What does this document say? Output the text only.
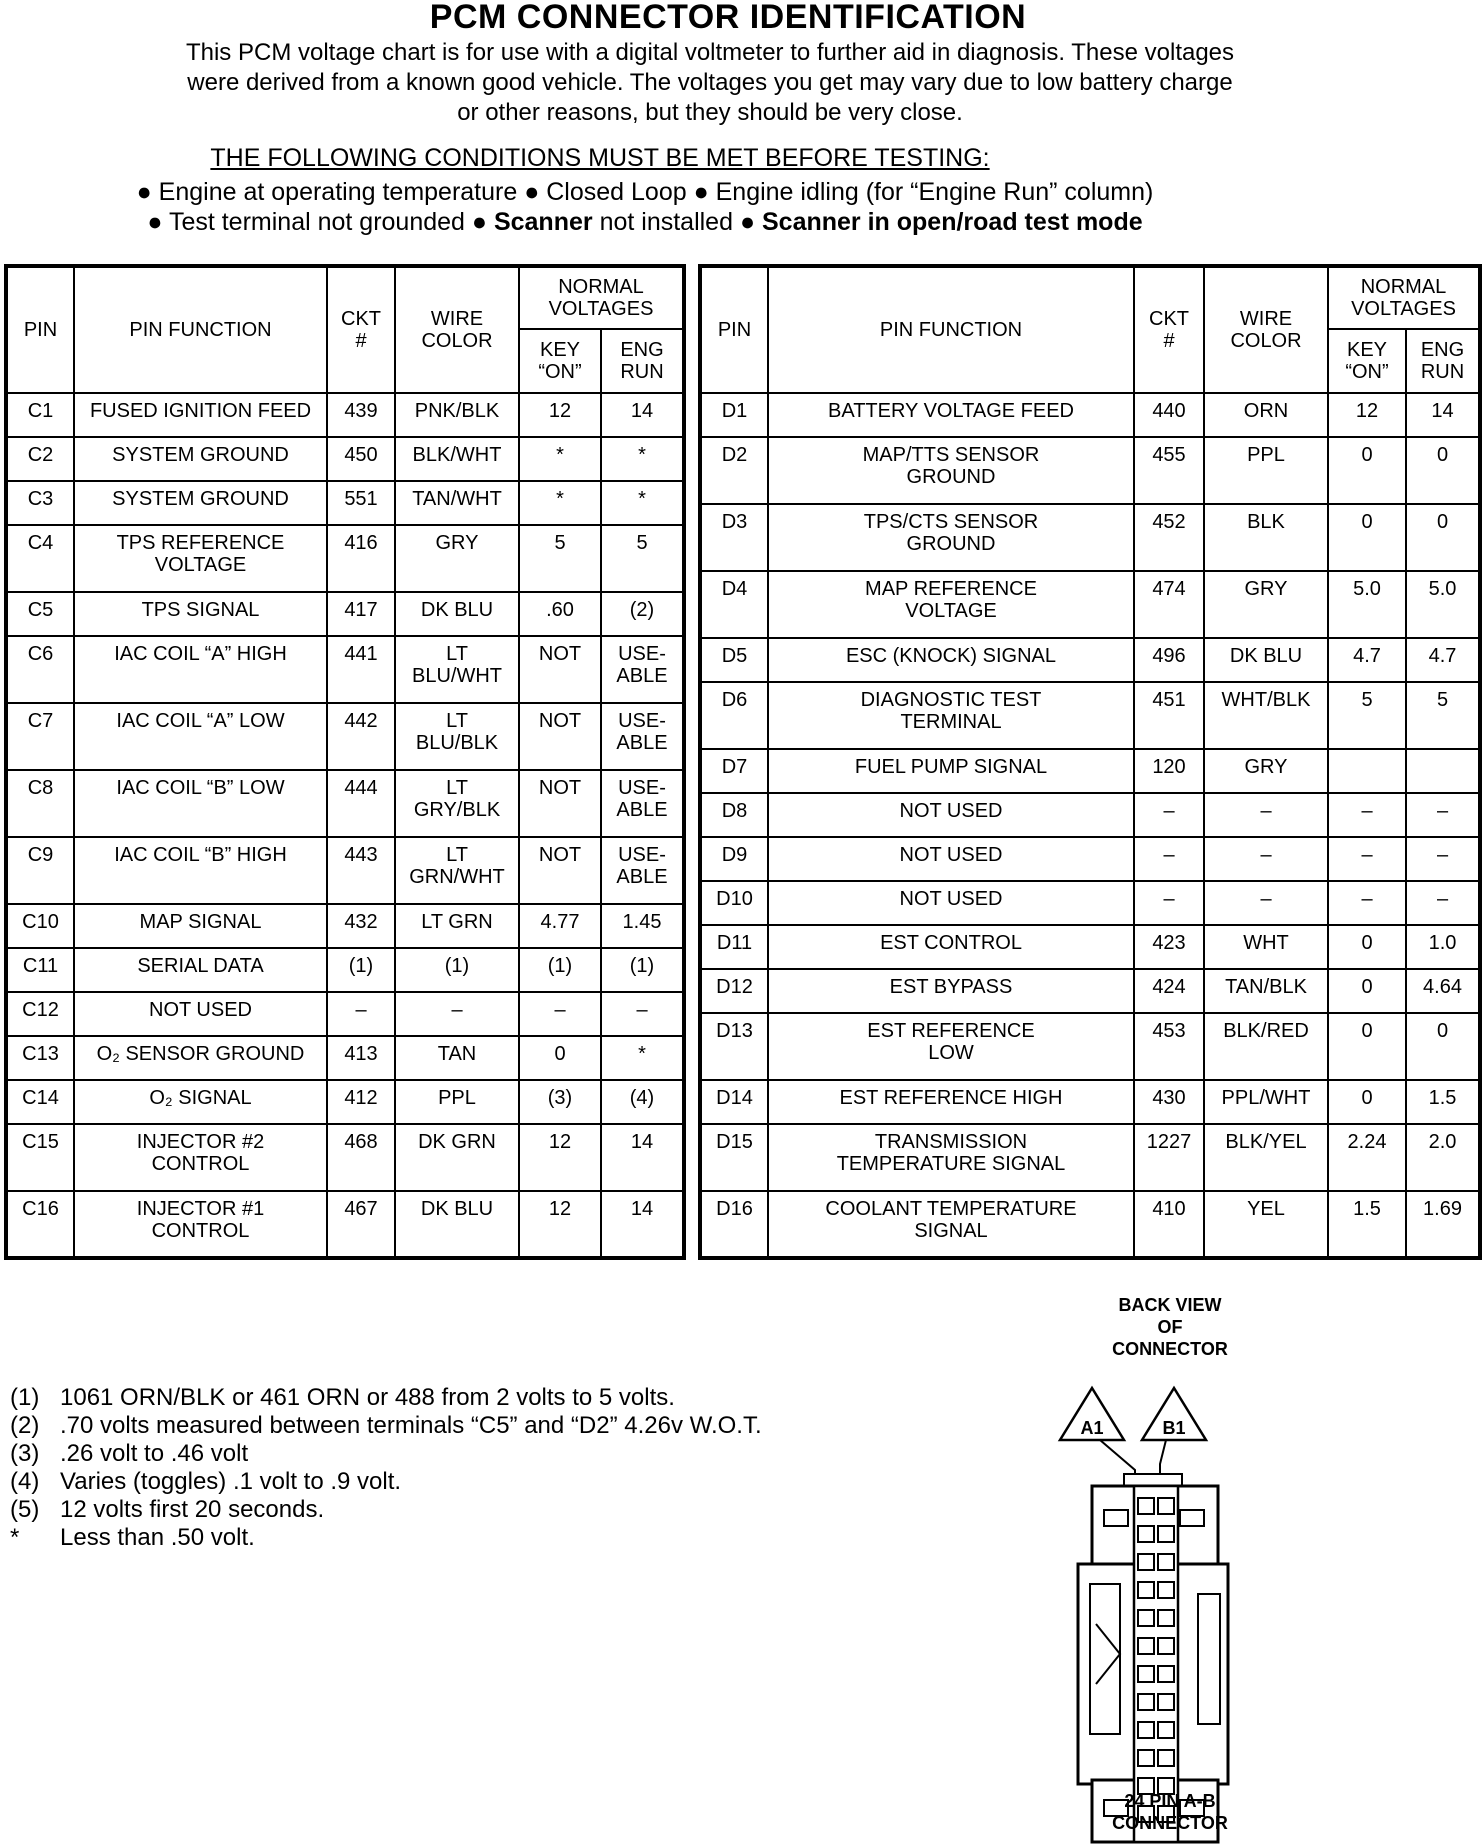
PCM CONNECTOR IDENTIFICATION
This PCM voltage chart is for use with a digital voltmeter to further aid in diagnosis. These voltages
were derived from a known good vehicle. The voltages you get may vary due to low battery charge
or other reasons, but they should be very close.
THE FOLLOWING CONDITIONS MUST BE MET BEFORE TESTING:
● Engine at operating temperature ● Closed Loop ● Engine idling (for “Engine Run” column)
● Test terminal not grounded ● Scanner not installed ● Scanner in open/road test mode
PIN	PIN FUNCTION	CKT
#	WIRE
COLOR	NORMAL
VOLTAGES	
				KEY
“ON”	ENG
RUN
C1	FUSED IGNITION FEED	439	PNK/BLK	12	14
C2	SYSTEM GROUND	450	BLK/WHT	*	*
C3	SYSTEM GROUND	551	TAN/WHT	*	*
C4	TPS REFERENCE
VOLTAGE	416	GRY	5	5
C5	TPS SIGNAL	417	DK BLU	.60	(2)
C6	IAC COIL “A” HIGH	441	LT
BLU/WHT	NOT	USE-
ABLE
C7	IAC COIL “A” LOW	442	LT
BLU/BLK	NOT	USE-
ABLE
C8	IAC COIL “B” LOW	444	LT
GRY/BLK	NOT	USE-
ABLE
C9	IAC COIL “B” HIGH	443	LT
GRN/WHT	NOT	USE-
ABLE
C10	MAP SIGNAL	432	LT GRN	4.77	1.45
C11	SERIAL DATA	(1)	(1)	(1)	(1)
C12	NOT USED	–	–	–	–
C13	O₂ SENSOR GROUND	413	TAN	0	*
C14	O₂ SIGNAL	412	PPL	(3)	(4)
C15	INJECTOR #2
CONTROL	468	DK GRN	12	14
C16	INJECTOR #1
CONTROL	467	DK BLU	12	14
PIN	PIN FUNCTION	CKT
#	WIRE
COLOR	NORMAL
VOLTAGES	
				KEY
“ON”	ENG
RUN
D1	BATTERY VOLTAGE FEED	440	ORN	12	14
D2	MAP/TTS SENSOR
GROUND	455	PPL	0	0
D3	TPS/CTS SENSOR
GROUND	452	BLK	0	0
D4	MAP REFERENCE
VOLTAGE	474	GRY	5.0	5.0
D5	ESC (KNOCK) SIGNAL	496	DK BLU	4.7	4.7
D6	DIAGNOSTIC TEST
TERMINAL	451	WHT/BLK	5	5
D7	FUEL PUMP SIGNAL	120	GRY		
D8	NOT USED	–	–	–	–
D9	NOT USED	–	–	–	–
D10	NOT USED	–	–	–	–
D11	EST CONTROL	423	WHT	0	1.0
D12	EST BYPASS	424	TAN/BLK	0	4.64
D13	EST REFERENCE
LOW	453	BLK/RED	0	0
D14	EST REFERENCE HIGH	430	PPL/WHT	0	1.5
D15	TRANSMISSION
TEMPERATURE SIGNAL	1227	BLK/YEL	2.24	2.0
D16	COOLANT TEMPERATURE
SIGNAL	410	YEL	1.5	1.69
(1) 1061 ORN/BLK or 461 ORN or 488 from 2 volts to 5 volts.
(2) .70 volts measured between terminals “C5” and “D2” 4.26v W.O.T.
(3) .26 volt to .46 volt
(4) Varies (toggles) .1 volt to .9 volt.
(5) 12 volts first 20 seconds.
*	Less than .50 volt.
BACK VIEW
OF
CONNECTOR
A1	B1
24 PIN A-B
CONNECTOR
